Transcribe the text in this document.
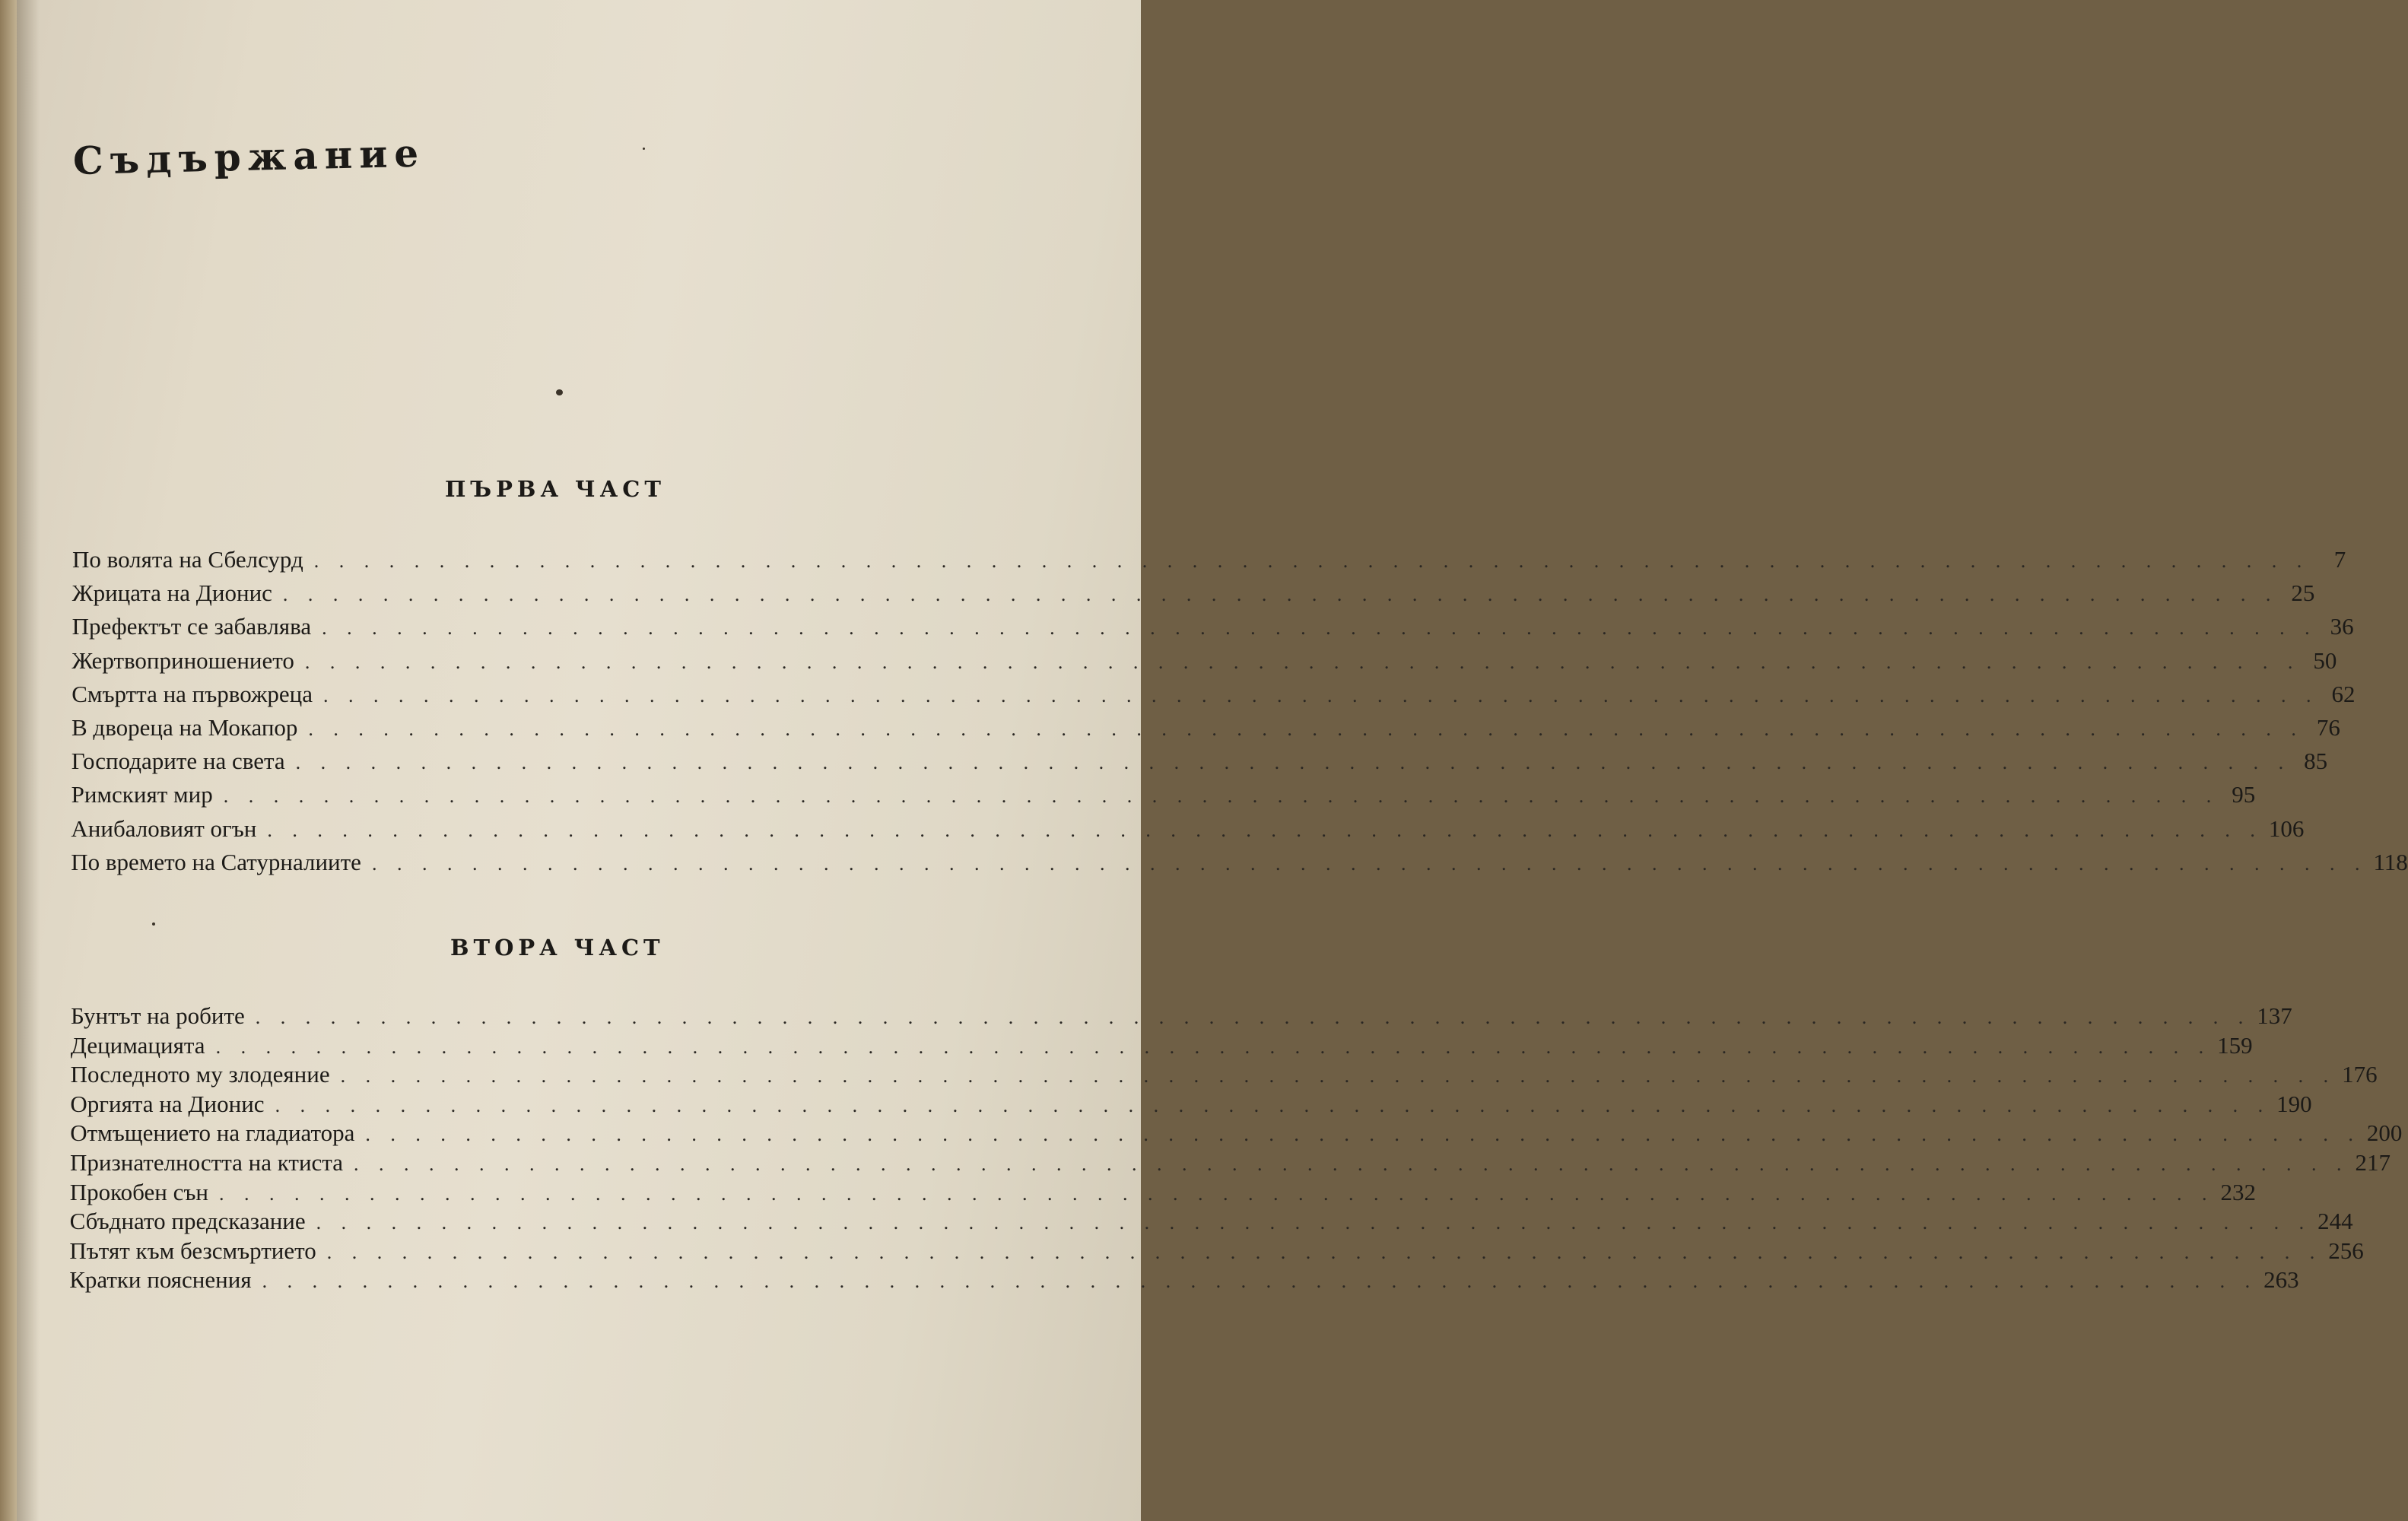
Съдържание
ПЪРВА ЧАСТ
По волята на Сбелсурд . . . . . . . . . . . . . . . . . . . . . . . . . . . . . . . . . . . . . . . . . . . . . . . . . . . . . . . . . . . . . . . . . . . . . . . . . . . . . . . .	7
Жрицата на Дионис . . . . . . . . . . . . . . . . . . . . . . . . . . . . . . . . . . . . . . . . . . . . . . . . . . . . . . . . . . . . . . . . . . . . . . . . . . . . . . . . 25
Префектът се забавлява . . . . . . . . . . . . . . . . . . . . . . . . . . . . . . . . . . . . . . . . . . . . . . . . . . . . . . . . . . . . . . . . . . . . . . . . . . . . . . . . 36
Жертвоприношението . . . . . . . . . . . . . . . . . . . . . . . . . . . . . . . . . . . . . . . . . . . . . . . . . . . . . . . . . . . . . . . . . . . . . . . . . . . . . . . . 50
Смъртта на първожреца . . . . . . . . . . . . . . . . . . . . . . . . . . . . . . . . . . . . . . . . . . . . . . . . . . . . . . . . . . . . . . . . . . . . . . . . . . . . . . . . 62
В двореца на Мокапор . . . . . . . . . . . . . . . . . . . . . . . . . . . . . . . . . . . . . . . . . . . . . . . . . . . . . . . . . . . . . . . . . . . . . . . . . . . . . . . . 76
Господарите на света . . . . . . . . . . . . . . . . . . . . . . . . . . . . . . . . . . . . . . . . . . . . . . . . . . . . . . . . . . . . . . . . . . . . . . . . . . . . . . . . 85
Римският мир . . . . . . . . . . . . . . . . . . . . . . . . . . . . . . . . . . . . . . . . . . . . . . . . . . . . . . . . . . . . . . . . . . . . . . . . . . . . . . . . 95
Анибаловият огън . . . . . . . . . . . . . . . . . . . . . . . . . . . . . . . . . . . . . . . . . . . . . . . . . . . . . . . . . . . . . . . . . . . . . . . . . . . . . . . . 106
По времето на Сатурналиите . . . . . . . . . . . . . . . . . . . . . . . . . . . . . . . . . . . . . . . . . . . . . . . . . . . . . . . . . . . . . . . . . . . . . . . . . . . . . . . . 118
ВТОРА ЧАСТ
Бунтът на робите . . . . . . . . . . . . . . . . . . . . . . . . . . . . . . . . . . . . . . . . . . . . . . . . . . . . . . . . . . . . . . . . . . . . . . . . . . . . . . . . 137
Децимацията . . . . . . . . . . . . . . . . . . . . . . . . . . . . . . . . . . . . . . . . . . . . . . . . . . . . . . . . . . . . . . . . . . . . . . . . . . . . . . . . 159
Последното му злодеяние . . . . . . . . . . . . . . . . . . . . . . . . . . . . . . . . . . . . . . . . . . . . . . . . . . . . . . . . . . . . . . . . . . . . . . . . . . . . . . . . 176
Оргията на Дионис . . . . . . . . . . . . . . . . . . . . . . . . . . . . . . . . . . . . . . . . . . . . . . . . . . . . . . . . . . . . . . . . . . . . . . . . . . . . . . . . 190
Отмъщението на гладиатора . . . . . . . . . . . . . . . . . . . . . . . . . . . . . . . . . . . . . . . . . . . . . . . . . . . . . . . . . . . . . . . . . . . . . . . . . . . . . . . . 200
Признателността на ктиста . . . . . . . . . . . . . . . . . . . . . . . . . . . . . . . . . . . . . . . . . . . . . . . . . . . . . . . . . . . . . . . . . . . . . . . . . . . . . . . . 217
Прокобен сън . . . . . . . . . . . . . . . . . . . . . . . . . . . . . . . . . . . . . . . . . . . . . . . . . . . . . . . . . . . . . . . . . . . . . . . . . . . . . . . . 232
Сбъднато предсказание . . . . . . . . . . . . . . . . . . . . . . . . . . . . . . . . . . . . . . . . . . . . . . . . . . . . . . . . . . . . . . . . . . . . . . . . . . . . . . . . 244
Пътят към безсмъртието . . . . . . . . . . . . . . . . . . . . . . . . . . . . . . . . . . . . . . . . . . . . . . . . . . . . . . . . . . . . . . . . . . . . . . . . . . . . . . . . 256
Кратки пояснения . . . . . . . . . . . . . . . . . . . . . . . . . . . . . . . . . . . . . . . . . . . . . . . . . . . . . . . . . . . . . . . . . . . . . . . . . . . . . . . . 263
